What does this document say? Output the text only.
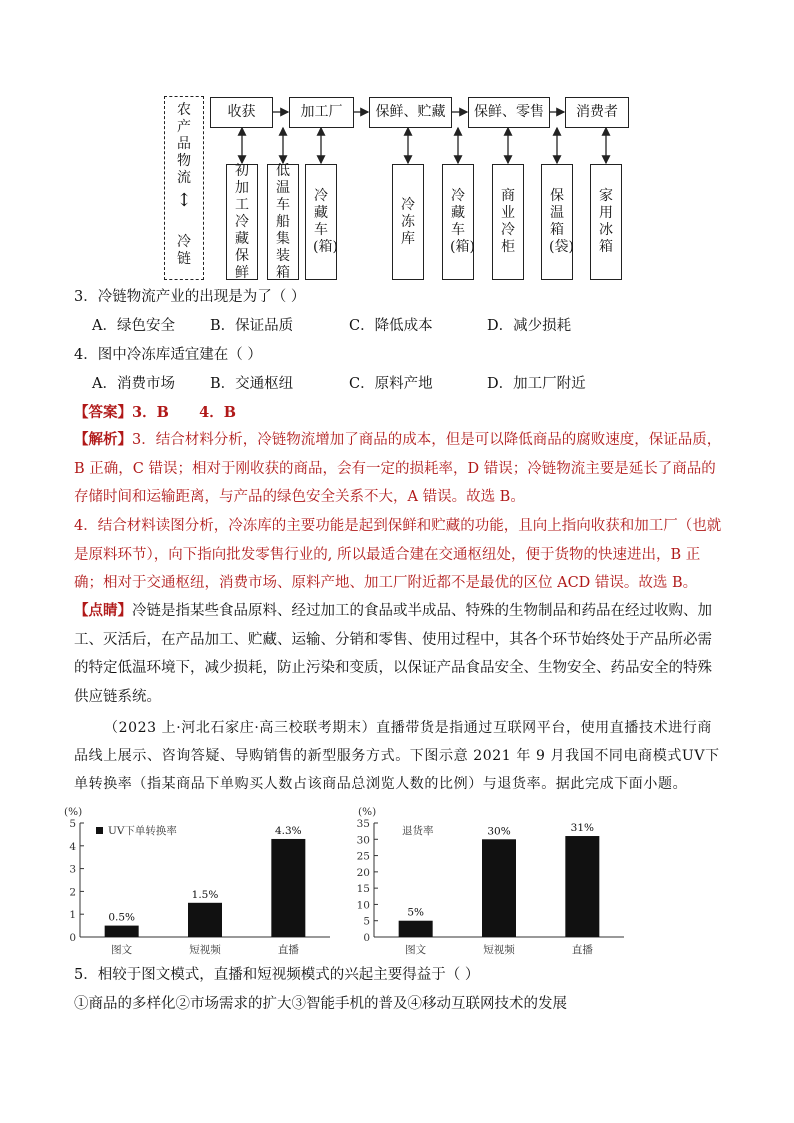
农产品物流
↕
冷链
收获	加工厂	保鲜、贮藏	保鲜、零售	消费者
初加工冷藏保鲜
低温车船集装箱
冷藏车(箱)
冷冻库
冷藏车(箱)
商业冷柜
保温箱(袋)
家用冰箱
3．冷链物流产业的出现是为了（ ）
A．绿色安全 B．保证品质	C．降低成本	D．减少损耗
4．图中冷冻库适宜建在（ ）
A．消费市场 B．交通枢纽	C．原料产地	D．加工厂附近
【答案】3．B      4．B
【解析】3．结合材料分析，冷链物流增加了商品的成本，但是可以降低商品的腐败速度，保证品质，B 正确，C 错误；相对于刚收获的商品，会有一定的损耗率，D 错误；冷链物流主要是延长了商品的存储时间和运输距离，与产品的绿色安全关系不大，A 错误。故选 B。
4．结合材料读图分析，冷冻库的主要功能是起到保鲜和贮藏的功能，且向上指向收获和加工厂（也就是原料环节），向下指向批发零售行业的, 所以最适合建在交通枢纽处，便于货物的快速进出，B 正确；相对于交通枢纽，消费市场、原料产地、加工厂附近都不是最优的区位 ACD 错误。故选 B。
【点睛】冷链是指某些食品原料、经过加工的食品或半成品、特殊的生物制品和药品在经过收购、加工、灭活后，在产品加工、贮藏、运输、分销和零售、使用过程中，其各个环节始终处于产品所必需的特定低温环境下，减少损耗，防止污染和变质，以保证产品食品安全、生物安全、药品安全的特殊供应链系统。
（2023 上·河北石家庄·高三校联考期末）直播带货是指通过互联网平台，使用直播技术进行商品线上展示、咨询答疑、导购销售的新型服务方式。下图示意 2021 年 9 月我国不同电商模式UV下单转换率（指某商品下单购买人数占该商品总浏览人数的比例）与退货率。据此完成下面小题。
(%)
0
1
2
3
4
5
0.5%
图文
1.5%
短视频
4.3%
直播
UV下单转换率
(%)
0
5
10
15
20
25
30
35
5%
图文
30%
短视频
31%
直播
退货率
5．相较于图文模式，直播和短视频模式的兴起主要得益于（ ）
①商品的多样化②市场需求的扩大③智能手机的普及④移动互联网技术的发展
